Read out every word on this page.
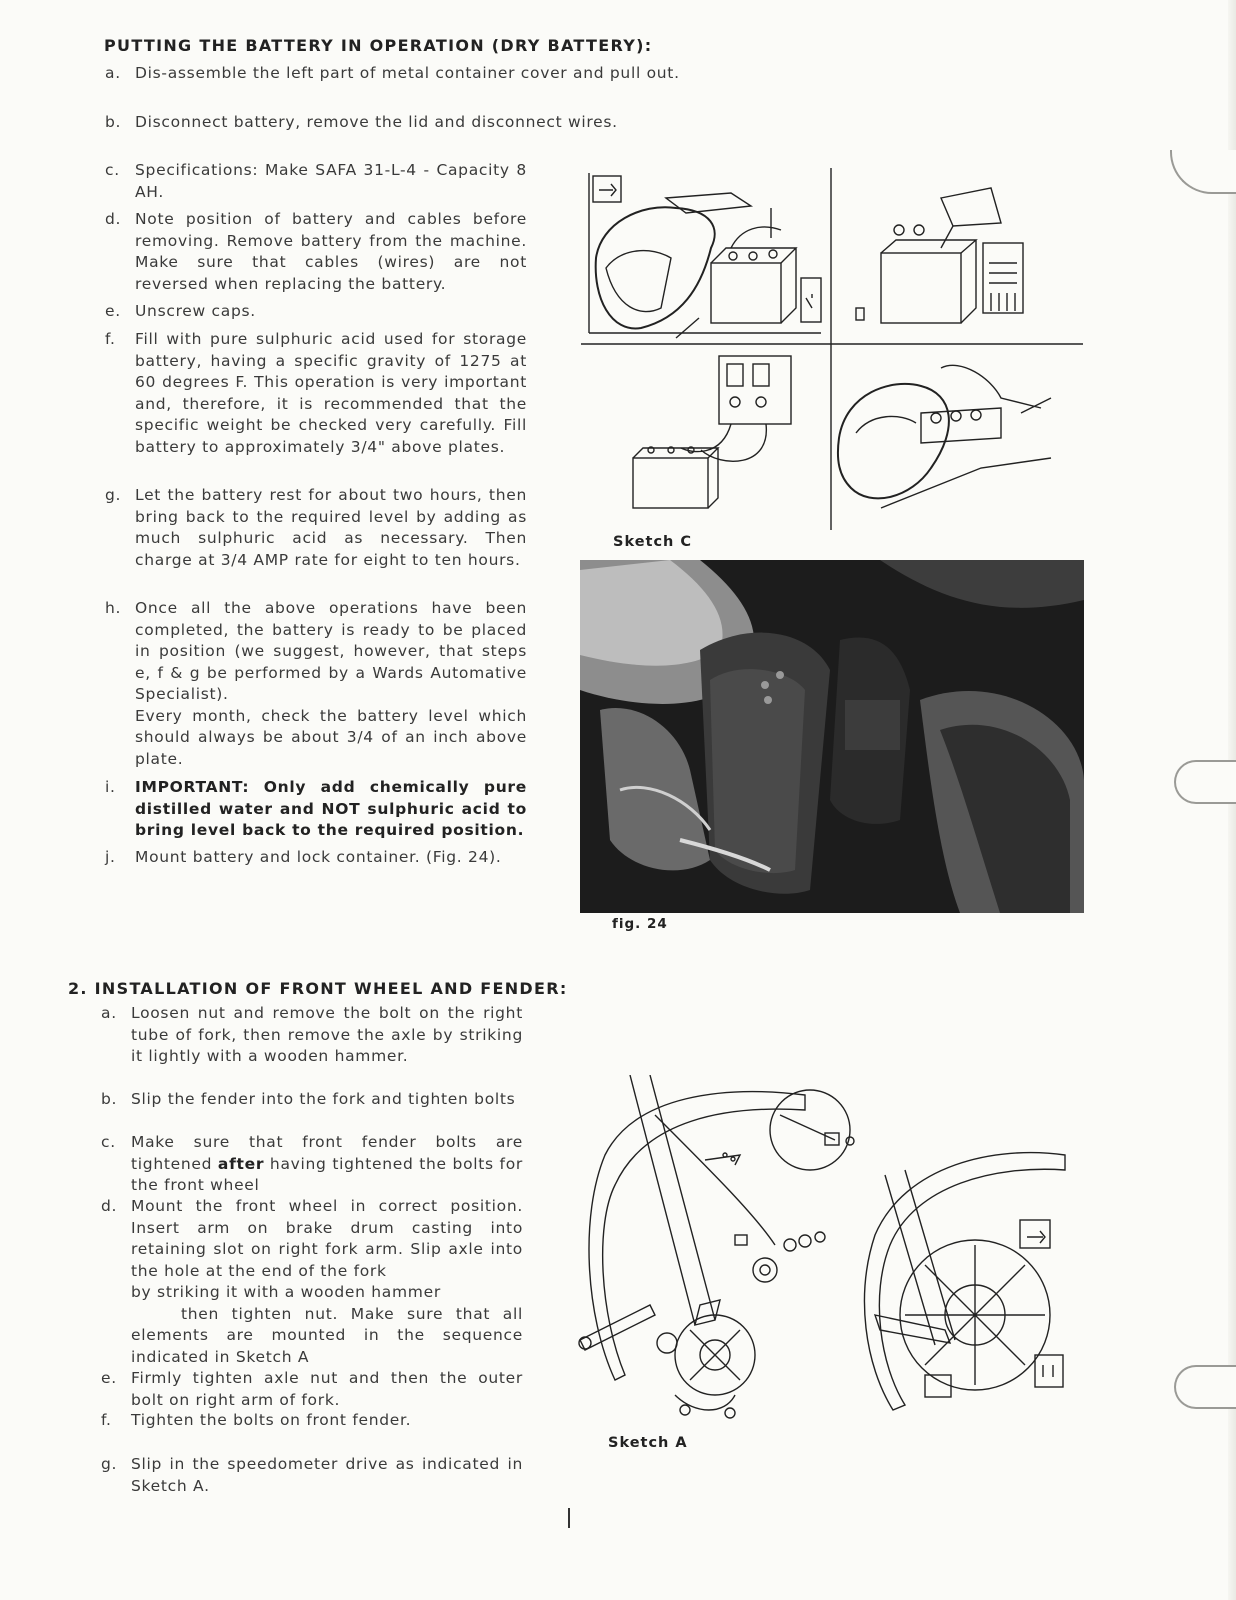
PUTTING THE BATTERY IN OPERATION (DRY BATTERY):
a. Dis-assemble the left part of metal container cover and pull out.

b. Disconnect battery, remove the lid and disconnect wires.

c. Specifications: Make SAFA 31-L-4 - Capacity 8 AH.

d. Note position of battery and cables before removing. Remove battery from the machine. Make sure that cables (wires) are not reversed when replacing the battery.

e. Unscrew caps.

f. Fill with pure sulphuric acid used for storage battery, having a specific gravity of 1275 at 60 degrees F. This operation is very important and, therefore, it is recommended that the specific weight be checked very carefully. Fill battery to approximately 3/4" above plates.

g. Let the battery rest for about two hours, then bring back to the required level by adding as much sulphuric acid as necessary. Then charge at 3/4 AMP rate for eight to ten hours.

h. Once all the above operations have been completed, the battery is ready to be placed in position (we suggest, however, that steps e, f & g be performed by a Wards Automative Specialist).

Every month, check the battery level which should always be about 3/4 of an inch above plate.

i. IMPORTANT: Only add chemically pure distilled water and NOT sulphuric acid to bring level back to the required position.

j. Mount battery and lock container. (Fig. 24).

Sketch C
fig. 24
2. INSTALLATION OF FRONT WHEEL AND FENDER:
a. Loosen nut and remove the bolt on the right tube of fork, then remove the axle by striking it lightly with a wooden hammer.

b. Slip the fender into the fork and tighten bolts

c. Make sure that front fender bolts are tightened after having tightened the bolts for the front wheel

d. Mount the front wheel in correct position. Insert arm on brake drum casting into retaining slot on right fork arm. Slip axle into the hole at the end of the fork

by striking it with a wooden hammer

then tighten nut. Make sure that all elements are mounted in the sequence indicated in Sketch A

e. Firmly tighten axle nut and then the outer bolt on right arm of fork.

f. Tighten the bolts on front fender.

g. Slip in the speedometer drive as indicated in Sketch A.

Sketch A
